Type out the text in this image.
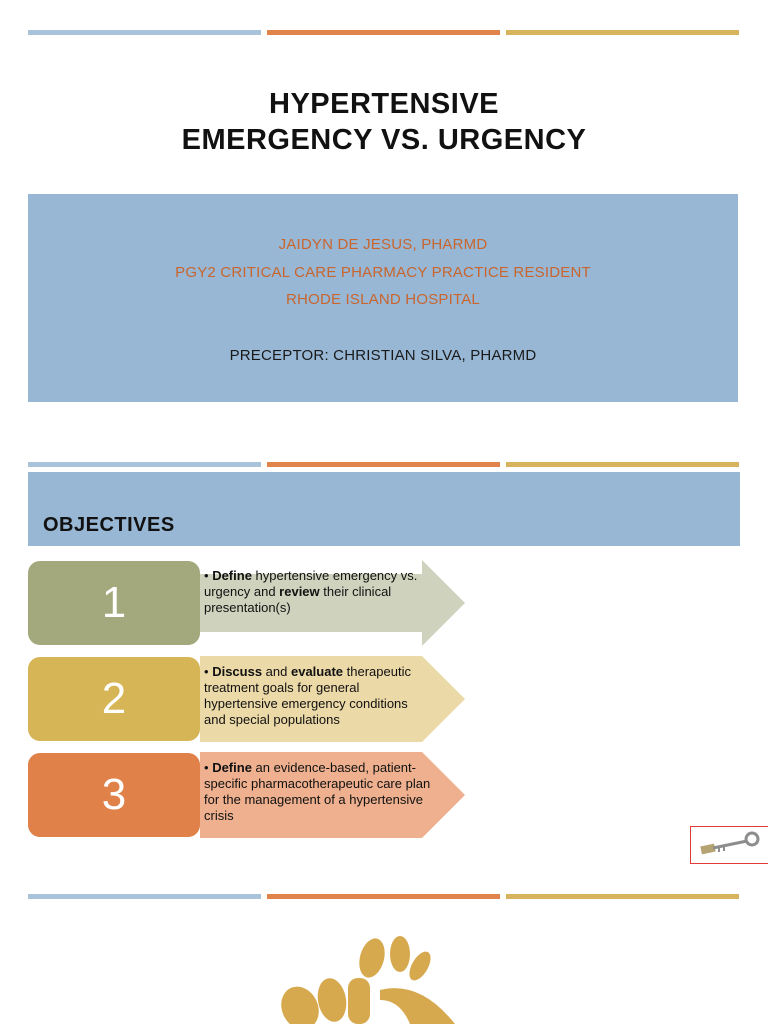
HYPERTENSIVE
EMERGENCY VS. URGENCY
JAIDYN DE JESUS, PHARMD
PGY2 CRITICAL CARE PHARMACY PRACTICE RESIDENT
RHODE ISLAND HOSPITAL
PRECEPTOR: CHRISTIAN SILVA, PHARMD
OBJECTIVES
1
• Define hypertensive emergency vs. urgency and review their clinical presentation(s)
2
• Discuss and evaluate therapeutic treatment goals for general hypertensive emergency conditions and special populations
3
• Define an evidence-based, patient-specific pharmacotherapeutic care plan for the management of a hypertensive crisis
